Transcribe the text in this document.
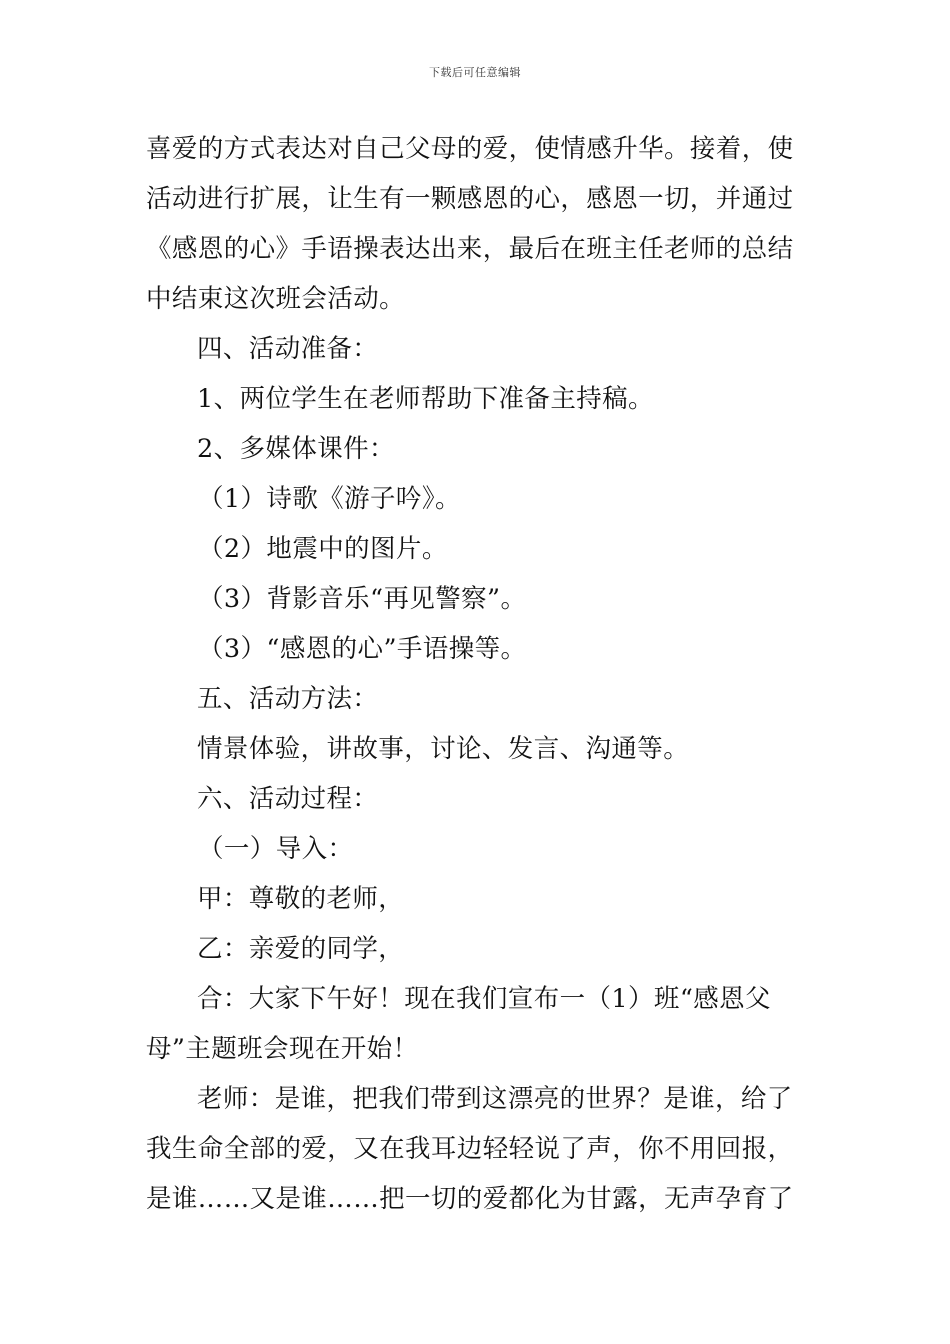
下载后可任意编辑
喜爱的方式表达对自己父母的爱，使情感升华。接着，使
活动进行扩展，让生有一颗感恩的心，感恩一切，并通过
《感恩的心》手语操表达出来，最后在班主任老师的总结
中结束这次班会活动。
四、活动准备：
1、两位学生在老师帮助下准备主持稿。
2、多媒体课件：
（1）诗歌《游子吟》。
（2）地震中的图片。
（3）背影音乐“再见警察”。
（3）“感恩的心”手语操等。
五、活动方法：
情景体验，讲故事，讨论、发言、沟通等。
六、活动过程：
（一）导入：
甲：尊敬的老师，
乙：亲爱的同学，
合：大家下午好！现在我们宣布一（1）班“感恩父
母”主题班会现在开始！
老师：是谁，把我们带到这漂亮的世界？是谁，给了
我生命全部的爱，又在我耳边轻轻说了声，你不用回报，
是谁……又是谁……把一切的爱都化为甘露，无声孕育了
